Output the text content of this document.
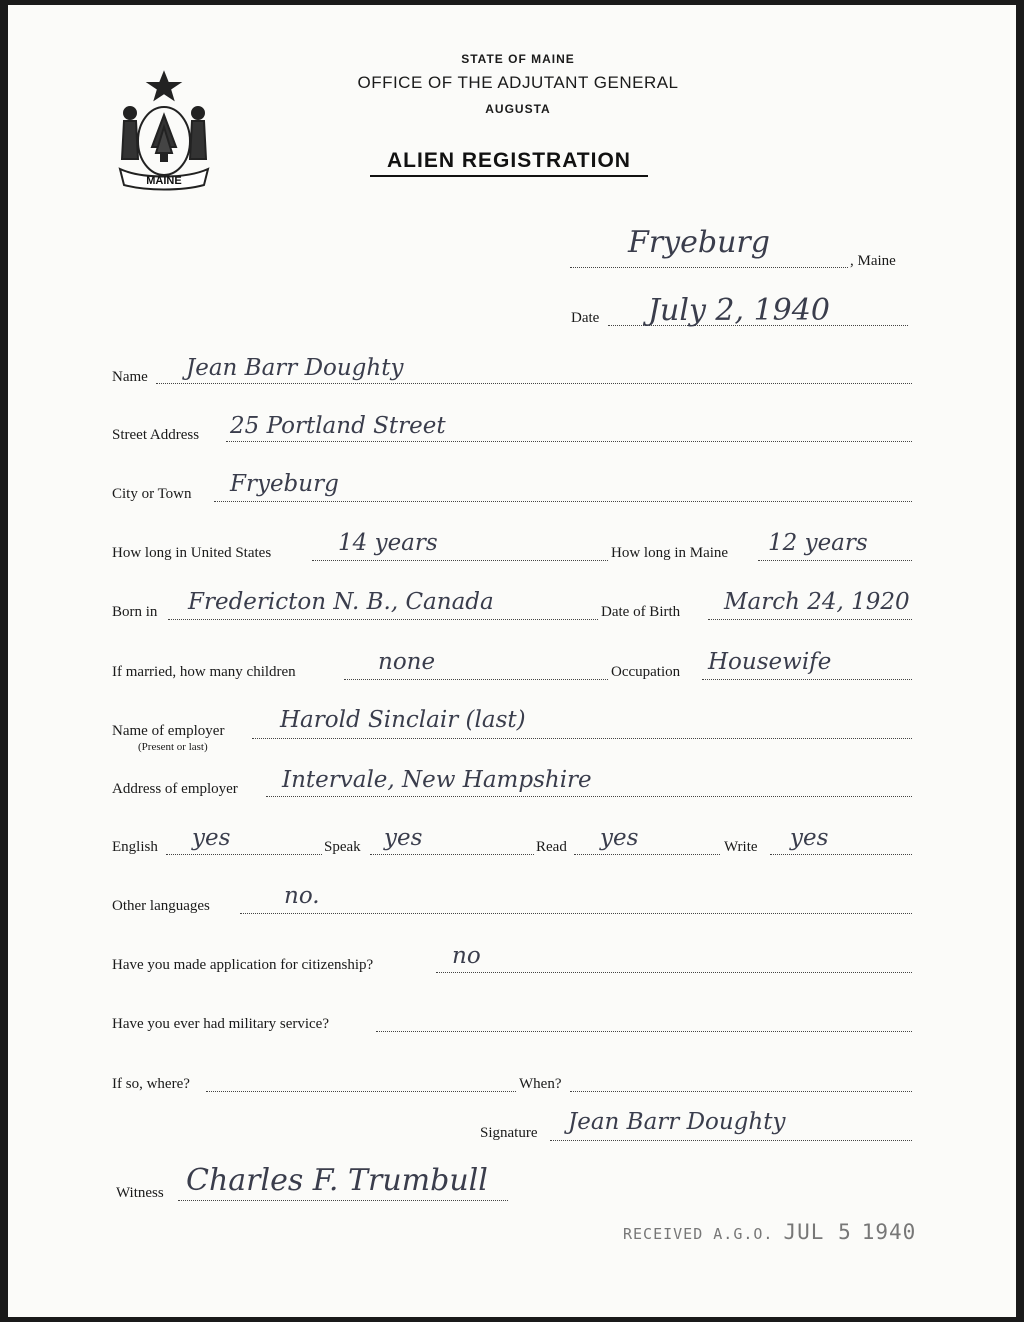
MAINE
STATE OF MAINE
OFFICE OF THE ADJUTANT GENERAL
AUGUSTA
ALIEN REGISTRATION
Fryeburg
, Maine
Date July 2, 1940
Name Jean Barr Doughty
Street Address 25 Portland Street
City or Town Fryeburg
How long in United States	14 years	How long in Maine 12 years
Born in Fredericton N. B., Canada	Date of Birth March 24, 1920
If married, how many children	none	Occupation Housewife
Name of employer
(Present or last)
Harold Sinclair (last)
Address of employer Intervale, New Hampshire
English yes	Speak yes	Read yes	Write yes
Other languages	no.
Have you made application for citizenship?	no
Have you ever had military service?
If so, where?	When?
Signature Jean Barr Doughty
Witness Charles F. Trumbull
RECEIVED A.G.O. JUL 5 1940
